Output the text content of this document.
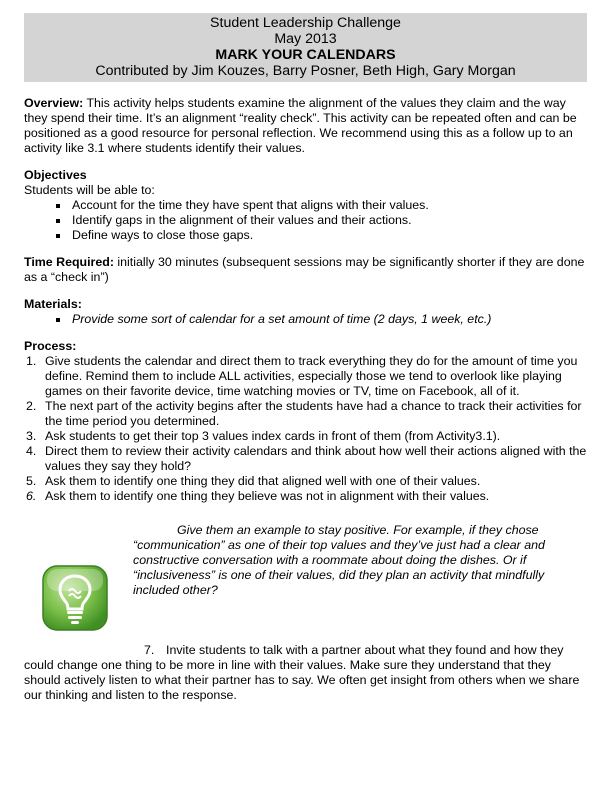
Student Leadership Challenge
May 2013
MARK YOUR CALENDARS
Contributed by Jim Kouzes, Barry Posner, Beth High, Gary Morgan
Overview: This activity helps students examine the alignment of the values they claim and the way they spend their time. It’s an alignment “reality check”. This activity can be repeated often and can be positioned as a good resource for personal reflection. We recommend using this as a follow up to an activity like 3.1 where students identify their values.
Objectives
Students will be able to:
Account for the time they have spent that aligns with their values.
Identify gaps in the alignment of their values and their actions.
Define ways to close those gaps.
Time Required: initially 30 minutes (subsequent sessions may be significantly shorter if they are done as a “check in”)
Materials:
Provide some sort of calendar for a set amount of time (2 days, 1 week, etc.)
Process:
1. Give students the calendar and direct them to track everything they do for the amount of time you define. Remind them to include ALL activities, especially those we tend to overlook like playing games on their favorite device, time watching movies or TV, time on Facebook, all of it.
2. The next part of the activity begins after the students have had a chance to track their activities for the time period you determined.
3. Ask students to get their top 3 values index cards in front of them (from Activity3.1).
4. Direct them to review their activity calendars and think about how well their actions aligned with the values they say they hold?
5. Ask them to identify one thing they did that aligned well with one of their values.
6. Ask them to identify one thing they believe was not in alignment with their values.
Give them an example to stay positive. For example, if they chose “communication” as one of their top values and they’ve just had a clear and constructive conversation with a roommate about doing the dishes. Or if “inclusiveness” is one of their values, did they plan an activity that mindfully included other?
7. Invite students to talk with a partner about what they found and how they could change one thing to be more in line with their values. Make sure they understand that they should actively listen to what their partner has to say. We often get insight from others when we share our thinking and listen to the response.
